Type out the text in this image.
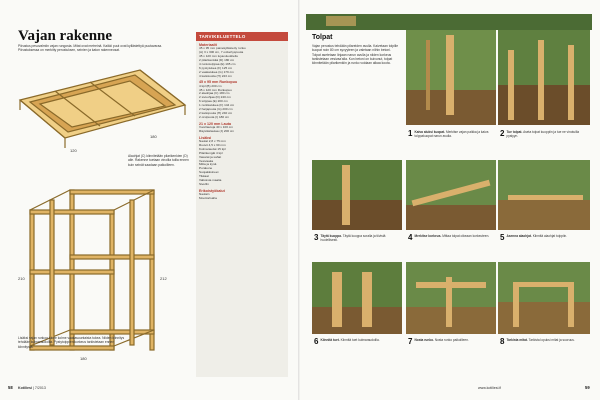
Vajan rakenne
Piirustus pesuvalmiin vajan rungosta. Mitat ovat metreinä. Kaikki puut ovat kyllästettyä puutavaraa. Piirustuksessa on merkitty perustuksen, seinien ja katon rakenneosat.
120
180
210	212
180
Alaohjat (C) kiinnitetään pilarikenkien (D) alle. Rakenne tuetaan vinoilla tuilla ennen kuin seinät saadaan paikoilleen.
Lisäksi vajan runkoa tukee kolme vaakasuuntaista tukea. Niiden kiinnitys tehdään kulmaraudoilla. Pystytolppien korkeus tarkistetaan ennen kiinnitystä.
TARVIKELUETTELO
Materiaalit
45 x 95 mm painekyllästetty runko
(A) 3 x 300 cm, 7 ovikehyspuuta
45 x 120 mm lujuusluokiteltu
2 pilarikenkää (D) 180 cm
4 runkotolppaa (E) 195 cm
6 pystytukea (F) 125 cm
2 vaakatukea (G) 179 cm
4 kattotuolia (H) 243 cm
45 x 95 mm Runkopuu
4 kpl (B) 200 cm
45 x 120 mm Runkopuu
2 alaohjaa (C) 180 cm
2 sivuohjaa (D) 240 cm
6 tolppaa (E) 200 cm
1 nurkkatukea (F) 144 cm
2 harjapuuta (G) 200 cm
2 kattopuuta (H) 240 cm
2 orsipuuta (I) 180 cm
21 x 120 mm Lauta
Vuorilautoja 40 x 100 cm
Räystäslautaa (J) 200 cm
Lisäksi
Naulat 2,8 x 75 mm
Ruuvit 4,5 x 60 mm
Kulmaraudat 15 kpl
Pilarikengät 4 kpl
Vasarat ja sahat
Vesivaaka
Mitta ja kynä
Porakone
Suojakäsineet
Tikkaat
Valkoista maalia
Sivellin
Erikoistyökalut
Naulain
Moottorisaha
58 Kotiliesi | 7/2013
Tolpat
Vajan perustus tehdään pilareiden avulla. Kaivetaan tolpille kuopat noin 80 cm syvyyteen ja valetaan niihin betoni. Tolpat asetetaan linjaan narun avulla ja niiden korkeus tarkistetaan vesivaa'alla. Kun betoni on kuivunut, tolpat kiinnitetään pilarikenkiin ja runko voidaan alkaa koota.
1 Kaiva aluksi kuopat. Merkitse vajan paikka ja kaiva tolppakuopat narun avulla.	2 Tue tolpat. Aseta tolpat kuoppiin ja tue ne vinotuilla pystyyn.
3 Täytä kuoppa. Täytä kuoppa soralla ja tiivistä huolellisesti.	4 Merkitse korkeus. Mittaa tolpat oikeaan korkeuteen.	5 Asenna alaohjat. Kiinnitä alaohjat tolppiin.
6 Kiinnitä tuet. Kiinnitä tuet kulmaraudoilla.	7 Nosta runko. Nosta runko paikoilleen.	8 Tarkista mitat. Tarkista lopuksi mitat ja suoruus.
www.kotiliesi.fi	59
